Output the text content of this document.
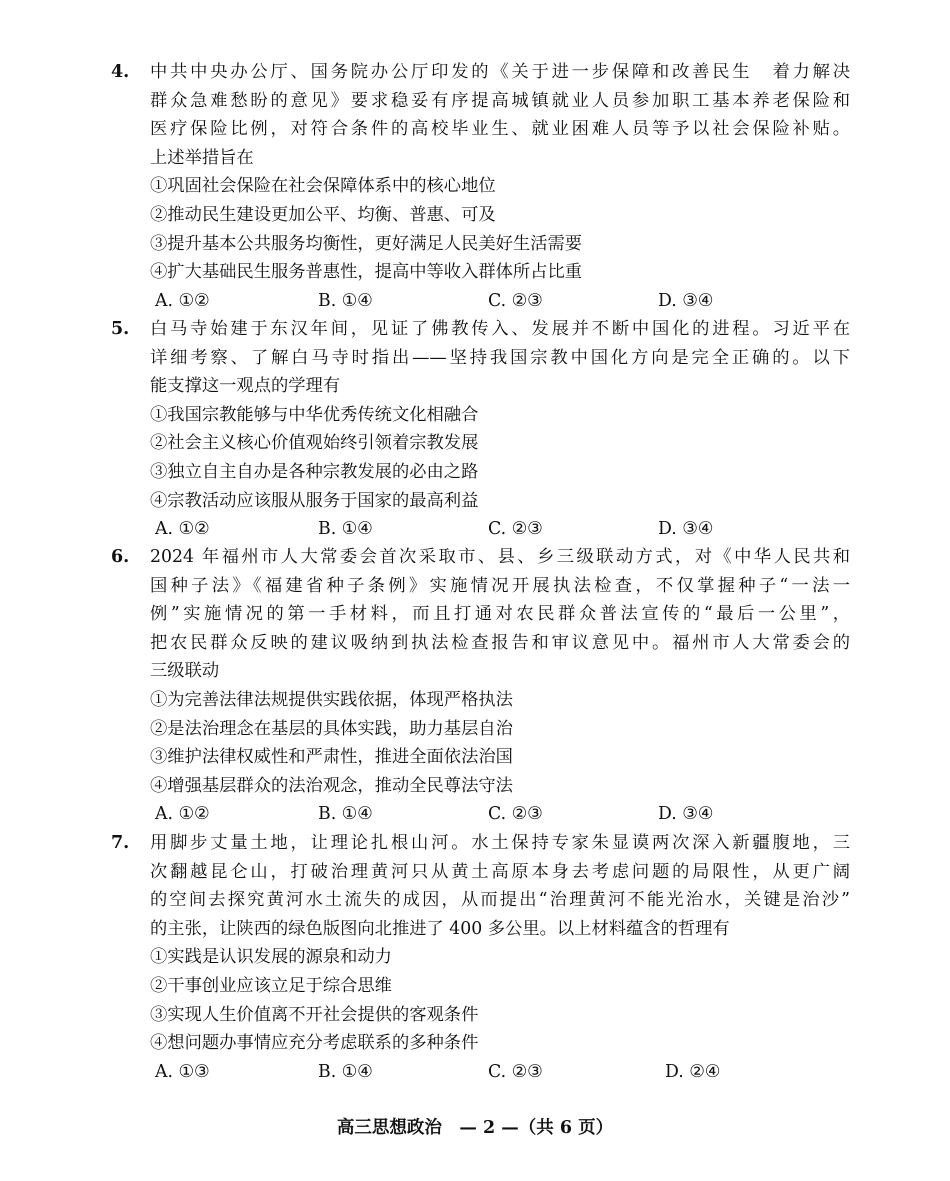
4. 中共中央办公厅、国务院办公厅印发的《关于进一步保障和改善民生　着力解决
群众急难愁盼的意见》要求稳妥有序提高城镇就业人员参加职工基本养老保险和
医疗保险比例，对符合条件的高校毕业生、就业困难人员等予以社会保险补贴。
上述举措旨在
①巩固社会保险在社会保障体系中的核心地位
②推动民生建设更加公平、均衡、普惠、可及
③提升基本公共服务均衡性，更好满足人民美好生活需要
④扩大基础民生服务普惠性，提高中等收入群体所占比重
A. ①②	B. ①④	C. ②③	D. ③④
5. 白马寺始建于东汉年间，见证了佛教传入、发展并不断中国化的进程。习近平在
详细考察、了解白马寺时指出——坚持我国宗教中国化方向是完全正确的。以下
能支撑这一观点的学理有
①我国宗教能够与中华优秀传统文化相融合
②社会主义核心价值观始终引领着宗教发展
③独立自主自办是各种宗教发展的必由之路
④宗教活动应该服从服务于国家的最高利益
A. ①②	B. ①④	C. ②③	D. ③④
6. 2024 年福州市人大常委会首次采取市、县、乡三级联动方式，对《中华人民共和
国种子法》《福建省种子条例》实施情况开展执法检查，不仅掌握种子“一法一
例”实施情况的第一手材料，而且打通对农民群众普法宣传的“最后一公里”，
把农民群众反映的建议吸纳到执法检查报告和审议意见中。福州市人大常委会的
三级联动
①为完善法律法规提供实践依据，体现严格执法
②是法治理念在基层的具体实践，助力基层自治
③维护法律权威性和严肃性，推进全面依法治国
④增强基层群众的法治观念，推动全民尊法守法
A. ①②	B. ①④	C. ②③	D. ③④
7. 用脚步丈量土地，让理论扎根山河。水土保持专家朱显谟两次深入新疆腹地，三
次翻越昆仑山，打破治理黄河只从黄土高原本身去考虑问题的局限性，从更广阔
的空间去探究黄河水土流失的成因，从而提出“治理黄河不能光治水，关键是治沙”
的主张，让陕西的绿色版图向北推进了 400 多公里。以上材料蕴含的哲理有
①实践是认识发展的源泉和动力
②干事创业应该立足于综合思维
③实现人生价值离不开社会提供的客观条件
④想问题办事情应充分考虑联系的多种条件
A. ①③	B. ①④	C. ②③	D. ②④
高三思想政治　— 2 —（共 6 页）
